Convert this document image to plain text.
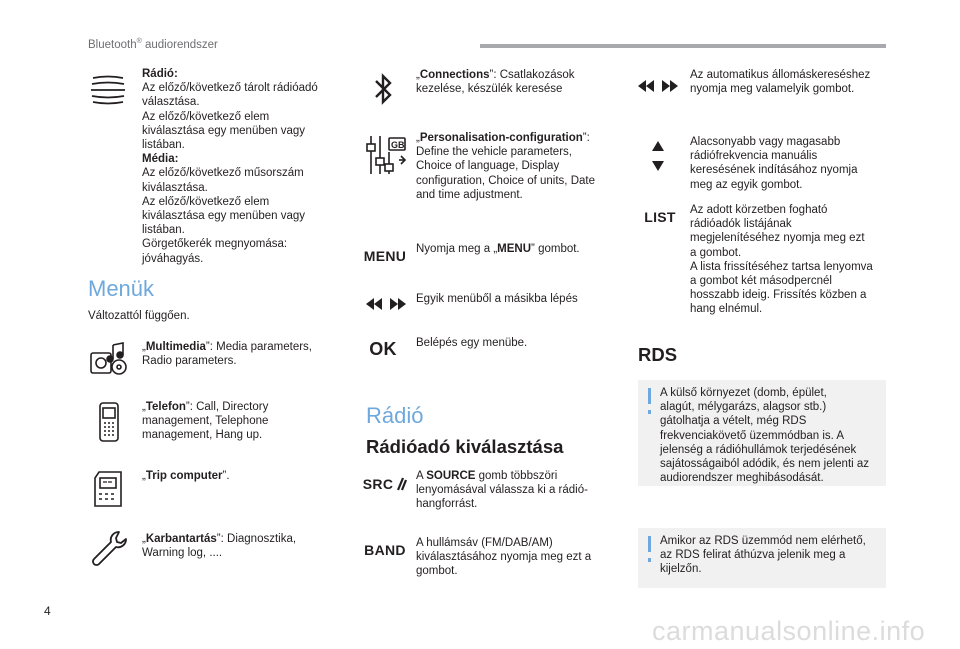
Bluetooth® audiorendszer
Rádió:
Az előző/következő tárolt rádióadó
választása.
Az előző/következő elem
kiválasztása egy menüben vagy
listában.
Média:
Az előző/következő műsorszám
kiválasztása.
Az előző/következő elem
kiválasztása egy menüben vagy
listában.
Görgetőkerék megnyomása:
jóváhagyás.
Menük
Változattól függően.
„Multimedia”: Media parameters,
Radio parameters.
„Telefon”: Call, Directory
management, Telephone
management, Hang up.
„Trip computer”.
„Karbantartás”: Diagnosztika,
Warning log, ....
„Connections”: Csatlakozások
kezelése, készülék keresése
GB
„Personalisation-configuration”:
Define the vehicle parameters,
Choice of language, Display
configuration, Choice of units, Date
and time adjustment.
MENU Nyomja meg a „MENU” gombot.
Egyik menüből a másikba lépés
OK Belépés egy menübe.
Rádió
Rádióadó kiválasztása
SRC A SOURCE gomb többszöri
lenyomásával válassza ki a rádió-
hangforrást.
BAND A hullámsáv (FM/DAB/AM)
kiválasztásához nyomja meg ezt a
gombot.
Az automatikus állomáskereséshez
nyomja meg valamelyik gombot.
Alacsonyabb vagy magasabb
rádiófrekvencia manuális
keresésének indításához nyomja
meg az egyik gombot.
LIST	Az adott körzetben fogható
rádióadók listájának
megjelenítéséhez nyomja meg ezt
a gombot.
A lista frissítéséhez tartsa lenyomva
a gombot két másodpercnél
hosszabb ideig. Frissítés közben a
hang elnémul.
RDS
A külső környezet (domb, épület,
alagút, mélygarázs, alagsor stb.)
gátolhatja a vételt, még RDS
frekvenciakövető üzemmódban is. A
jelenség a rádióhullámok terjedésének
sajátosságaiból adódik, és nem jelenti az
audiorendszer meghibásodását.
Amikor az RDS üzemmód nem elérhető,
az RDS felirat áthúzva jelenik meg a
kijelzőn.
4
carmanualsonline.info
